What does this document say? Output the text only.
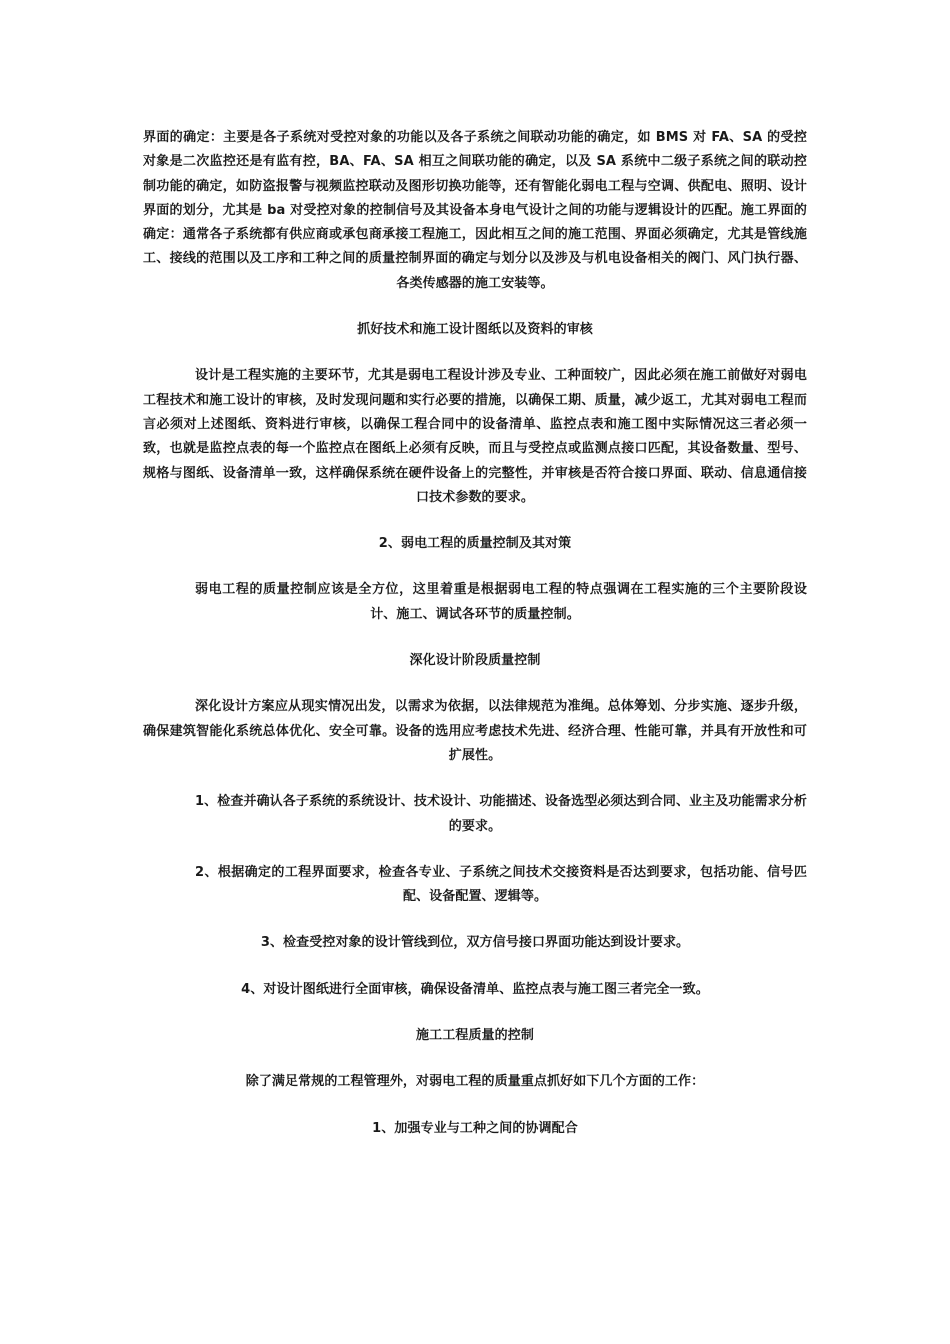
界面的确定：主要是各子系统对受控对象的功能以及各子系统之间联动功能的确定，如 BMS 对 FA、SA 的受控对象是二次监控还是有监有控，BA、FA、SA 相互之间联功能的确定，以及 SA 系统中二级子系统之间的联动控制功能的确定，如防盗报警与视频监控联动及图形切换功能等，还有智能化弱电工程与空调、供配电、照明、设计界面的划分，尤其是 ba 对受控对象的控制信号及其设备本身电气设计之间的功能与逻辑设计的匹配。施工界面的确定：通常各子系统都有供应商或承包商承接工程施工，因此相互之间的施工范围、界面必须确定，尤其是管线施工、接线的范围以及工序和工种之间的质量控制界面的确定与划分以及涉及与机电设备相关的阀门、风门执行器、各类传感器的施工安装等。

抓好技术和施工设计图纸以及资料的审核

设计是工程实施的主要环节，尤其是弱电工程设计涉及专业、工种面较广，因此必须在施工前做好对弱电工程技术和施工设计的审核，及时发现问题和实行必要的措施，以确保工期、质量，减少返工，尤其对弱电工程而言必须对上述图纸、资料进行审核，以确保工程合同中的设备清单、监控点表和施工图中实际情况这三者必须一致，也就是监控点表的每一个监控点在图纸上必须有反映，而且与受控点或监测点接口匹配，其设备数量、型号、规格与图纸、设备清单一致，这样确保系统在硬件设备上的完整性，并审核是否符合接口界面、联动、信息通信接口技术参数的要求。

2、弱电工程的质量控制及其对策

弱电工程的质量控制应该是全方位，这里着重是根据弱电工程的特点强调在工程实施的三个主要阶段设计、施工、调试各环节的质量控制。

深化设计阶段质量控制

深化设计方案应从现实情况出发，以需求为依据，以法律规范为准绳。总体筹划、分步实施、逐步升级，确保建筑智能化系统总体优化、安全可靠。设备的选用应考虑技术先进、经济合理、性能可靠，并具有开放性和可扩展性。

1、检查并确认各子系统的系统设计、技术设计、功能描述、设备选型必须达到合同、业主及功能需求分析的要求。

2、根据确定的工程界面要求，检查各专业、子系统之间技术交接资料是否达到要求，包括功能、信号匹配、设备配置、逻辑等。

3、检查受控对象的设计管线到位，双方信号接口界面功能达到设计要求。

4、对设计图纸进行全面审核，确保设备清单、监控点表与施工图三者完全一致。

施工工程质量的控制

除了满足常规的工程管理外，对弱电工程的质量重点抓好如下几个方面的工作：

1、加强专业与工种之间的协调配合
